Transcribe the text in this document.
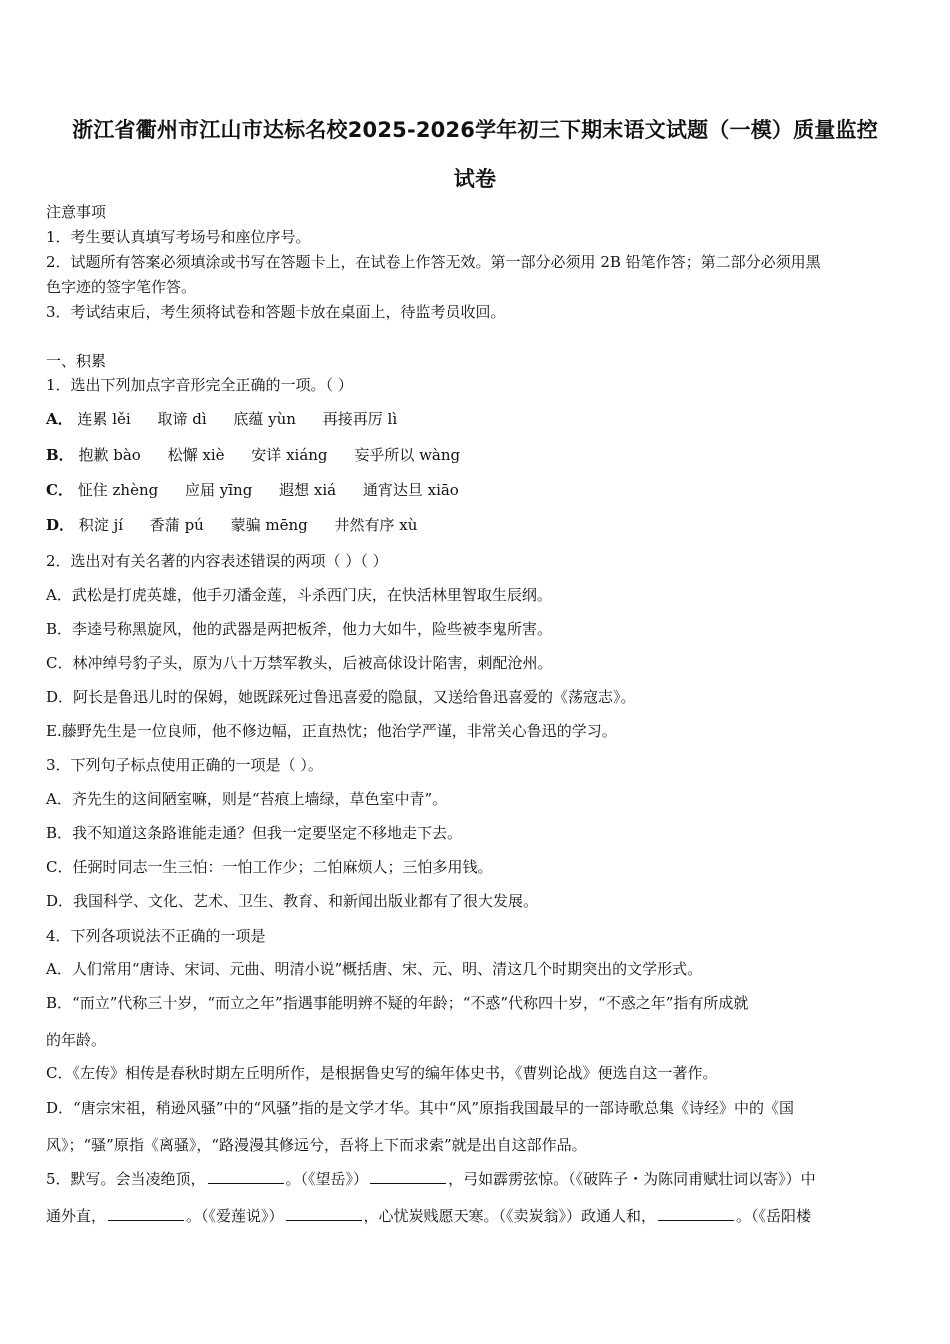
浙江省衢州市江山市达标名校2025-2026学年初三下期末语文试题（一模）质量监控
试卷
注意事项
1．考生要认真填写考场号和座位序号。
2．试题所有答案必须填涂或书写在答题卡上，在试卷上作答无效。第一部分必须用 2B 铅笔作答；第二部分必须用黑
色字迹的签字笔作答。
3．考试结束后，考生须将试卷和答题卡放在桌面上，待监考员收回。
一、积累
1．选出下列加点字音形完全正确的一项。（ ）
A． 连累 lěi 取谛 dì 底蕴 yùn 再接再厉 lì
B． 抱歉 bào 松懈 xiè 安详 xiáng 妄乎所以 wàng
C． 怔住 zhèng 应届 yīng 遐想 xiá 通宵达旦 xiāo
D． 积淀 jí 香蒲 pú 蒙骗 mēng 井然有序 xù
2．选出对有关名著的内容表述错误的两项（ ）（ ）
A．武松是打虎英雄，他手刃潘金莲，斗杀西门庆，在快活林里智取生辰纲。
B．李逵号称黑旋风，他的武器是两把板斧，他力大如牛，险些被李鬼所害。
C．林冲绰号豹子头，原为八十万禁军教头，后被高俅设计陷害，刺配沧州。
D．阿长是鲁迅儿时的保姆，她既踩死过鲁迅喜爱的隐鼠，又送给鲁迅喜爱的《荡寇志》。
E.藤野先生是一位良师，他不修边幅，正直热忱；他治学严谨，非常关心鲁迅的学习。
3．下列句子标点使用正确的一项是（ ）。
A．齐先生的这间陋室嘛，则是“苔痕上墙绿，草色室中青”。
B．我不知道这条路谁能走通？但我一定要坚定不移地走下去。
C．任弼时同志一生三怕：一怕工作少；二怕麻烦人；三怕多用钱。
D．我国科学、文化、艺术、卫生、教育、和新闻出版业都有了很大发展。
4．下列各项说法不正确的一项是
A．人们常用“唐诗、宋词、元曲、明清小说”概括唐、宋、元、明、清这几个时期突出的文学形式。
B．“而立”代称三十岁，“而立之年”指遇事能明辨不疑的年龄；“不惑”代称四十岁，“不惑之年”指有所成就
的年龄。
C．《左传》相传是春秋时期左丘明所作，是根据鲁史写的编年体史书，《曹刿论战》便选自这一著作。
D．“唐宗宋祖，稍逊风骚”中的“风骚”指的是文学才华。其中“风”原指我国最早的一部诗歌总集《诗经》中的《国
风》；“骚”原指《离骚》，“路漫漫其修远兮，吾将上下而求索”就是出自这部作品。
5．默写。会当凌绝顶，	。（《望岳》）	，弓如霹雳弦惊。（《破阵子・为陈同甫赋壮词以寄》）中
通外直，	。（《爱莲说》）	，心忧炭贱愿天寒。（《卖炭翁》）政通人和，	。（《岳阳楼
